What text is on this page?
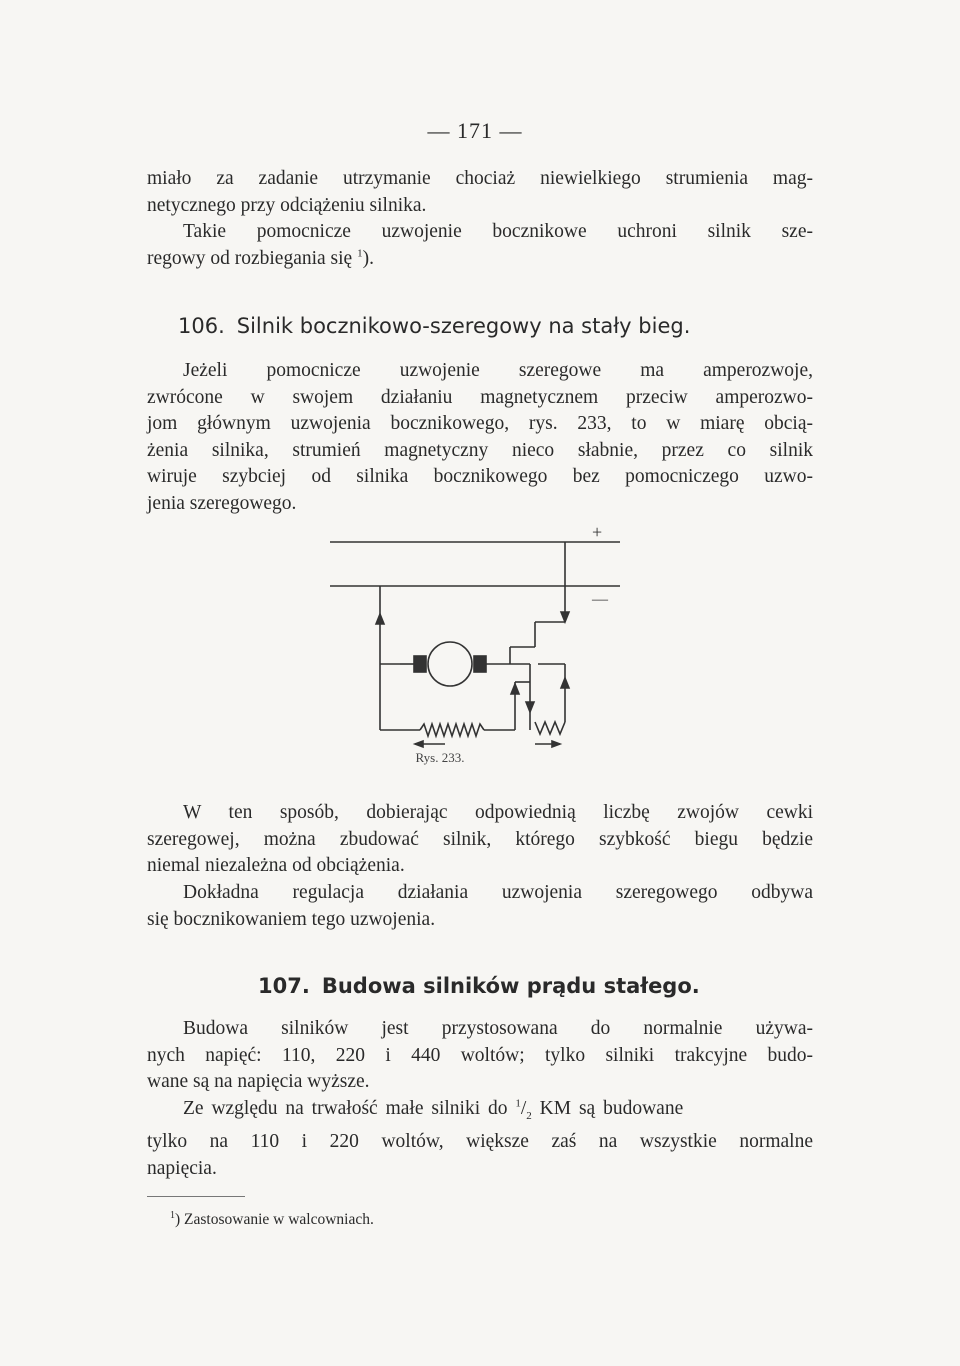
— 171 —

miało za zadanie utrzymanie chociaż niewielkiego strumienia mag-
netycznego przy odciążeniu silnika.

Takie pomocnicze uzwojenie bocznikowe uchroni silnik sze-
regowy od rozbiegania się $^1$).

106. Silnik bocznikowo-szeregowy na stały bieg.

Jeżeli pomocnicze uzwojenie szeregowe ma amperozwoje,
zwrócone w swojem działaniu magnetycznem przeciw amperozwo-
jom głównym uzwojenia bocznikowego, rys. 233, to w miarę obcią-
żenia silnika, strumień magnetyczny nieco słabnie, przez co silnik
wiruje szybciej od silnika bocznikowego bez pomocniczego uzwo-
jenia szeregowego.

+
—
Rys. 233.

W ten sposób, dobierając odpowiednią liczbę zwojów cewki
szeregowej, można zbudować silnik, którego szybkość biegu będzie
niemal niezależna od obciążenia.

Dokładna regulacja działania uzwojenia szeregowego odbywa
się bocznikowaniem tego uzwojenia.

107. Budowa silników prądu stałego.

Budowa silników jest przystosowana do normalnie używa-
nych napięć: 110, 220 i 440 woltów; tylko silniki trakcyjne budo-
wane są na napięcia wyższe.

Ze względu na trwałość małe silniki do $^1/_2$ KM są budowane
tylko na 110 i 220 woltów, większe zaś na wszystkie normalne
napięcia.

$^1$) Zastosowanie w walcowniach.
